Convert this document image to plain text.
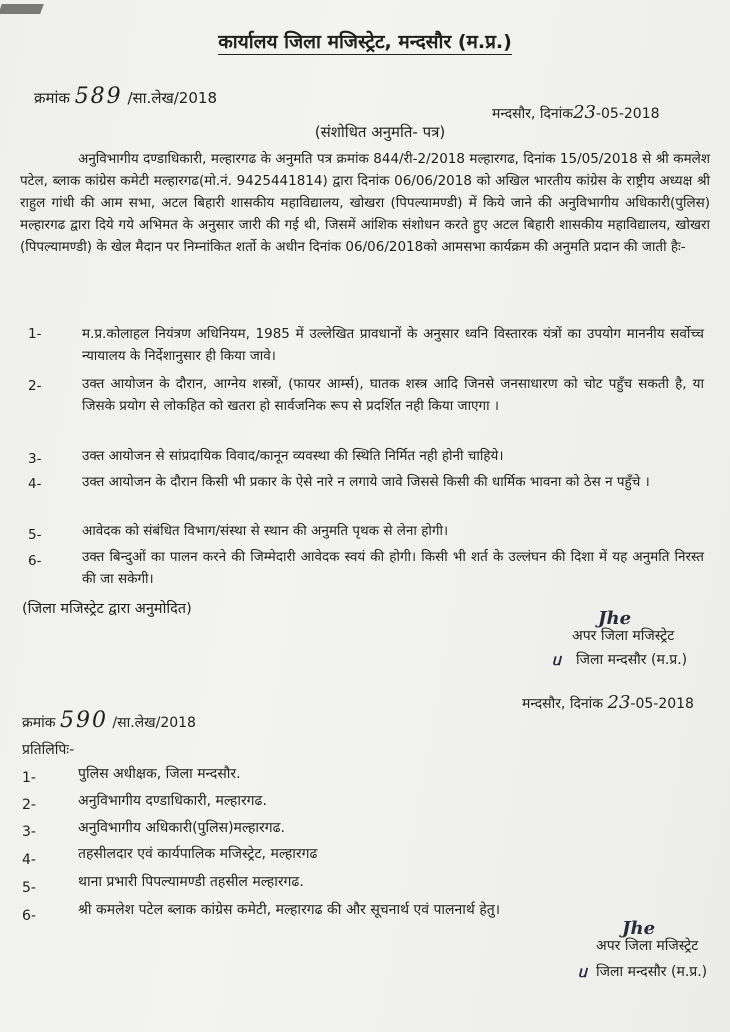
कार्यालय जिला मजिस्ट्रेट, मन्दसौर (म.प्र.)
क्रमांक 589 /सा.लेख/2018
मन्दसौर, दिनांक23-05-2018
(संशोधित अनुमति- पत्र)
अनुविभागीय दण्डाधिकारी, मल्हारगढ के अनुमति पत्र क्रमांक 844/री-2/2018 मल्हारगढ, दिनांक 15/05/2018 से श्री कमलेश पटेल, ब्लाक कांग्रेस कमेटी मल्हारगढ(मो.नं. 9425441814) द्वारा दिनांक 06/06/2018 को अखिल भारतीय कांग्रेस के राष्ट्रीय अध्यक्ष श्री राहुल गांधी की आम सभा, अटल बिहारी शासकीय महाविद्यालय, खोखरा (पिपल्यामण्डी) में किये जाने की अनुविभागीय अधिकारी(पुलिस) मल्हारगढ द्वारा दिये गये अभिमत के अनुसार जारी की गई थी, जिसमें आंशिक संशोधन करते हुए अटल बिहारी शासकीय महाविद्यालय, खोखरा (पिपल्यामण्डी) के खेल मैदान पर निम्नांकित शर्तो के अधीन दिनांक 06/06/2018को आमसभा कार्यक्रम की अनुमति प्रदान की जाती हैः-
1-	म.प्र.कोलाहल नियंत्रण अधिनियम, 1985 में उल्लेखित प्रावधानों के अनुसार ध्वनि विस्तारक यंत्रों का उपयोग माननीय सर्वोच्च न्यायालय के निर्देशानुसार ही किया जावे।
2-	उक्त आयोजन के दौरान, आग्नेय शस्त्रों, (फायर आर्म्स), घातक शस्त्र आदि जिनसे जनसाधारण को चोट पहुँच सकती है, या जिसके प्रयोग से लोकहित को खतरा हो सार्वजनिक रूप से प्रदर्शित नही किया जाएगा ।
3-	उक्त आयोजन से सांप्रदायिक विवाद/कानून व्यवस्था की स्थिति निर्मित नही होनी चाहिये।
4-	उक्त आयोजन के दौरान किसी भी प्रकार के ऐसे नारे न लगाये जावे जिससे किसी की धार्मिक भावना को ठेस न पहुॅंचे ।
5-	आवेदक को संबंधित विभाग/संस्था से स्थान की अनुमति पृथक से लेना होगी।
6-	उक्त बिन्दुओं का पालन करने की जिम्मेदारी आवेदक स्वयं की होगी। किसी भी शर्त के उल्लंघन की दिशा में यह अनुमति निरस्त की जा सकेगी।
(जिला मजिस्ट्रेट द्वारा अनुमोदित)	Jhe
अपर जिला मजिस्ट्रेट
ᥙ जिला मन्दसौर (म.प्र.)
मन्दसौर, दिनांक 23-05-2018
क्रमांक 590 /सा.लेख/2018
प्रतिलिपिः-
1-	पुलिस अधीक्षक, जिला मन्दसौर.
2-	अनुविभागीय दण्डाधिकारी, मल्हारगढ.
3-	अनुविभागीय अधिकारी(पुलिस)मल्हारगढ.
4-	तहसीलदार एवं कार्यपालिक मजिस्ट्रेट, मल्हारगढ
5-	थाना प्रभारी पिपल्यामण्डी तहसील मल्हारगढ.
6-	श्री कमलेश पटेल ब्लाक कांग्रेस कमेटी, मल्हारगढ की और सूचनार्थ एवं पालनार्थ हेतु।
Jhe
अपर जिला मजिस्ट्रेट
ᥙ जिला मन्दसौर (म.प्र.)
